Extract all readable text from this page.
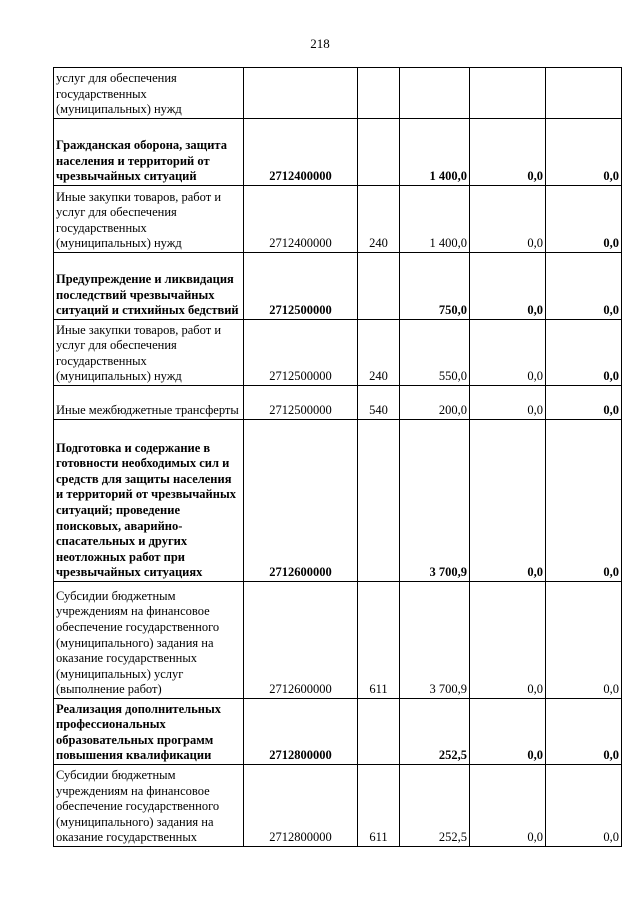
218
услуг для обеспечения государственных (муниципальных) нужд					
Гражданская оборона, защита населения и территорий от чрезвычайных ситуаций	2712400000		1 400,0	0,0	0,0
Иные закупки товаров, работ и услуг для обеспечения государственных (муниципальных) нужд	2712400000	240	1 400,0	0,0	0,0
Предупреждение и ликвидация последствий чрезвычайных ситуаций и стихийных бедствий	2712500000		750,0	0,0	0,0
Иные закупки товаров, работ и услуг для обеспечения государственных (муниципальных) нужд	2712500000	240	550,0	0,0	0,0
Иные межбюджетные трансферты	2712500000	540	200,0	0,0	0,0
Подготовка и содержание в готовности необходимых сил и средств для защиты населения и территорий от чрезвычайных ситуаций; проведение поисковых, аварийно-спасательных и других неотложных работ при чрезвычайных ситуациях	2712600000		3 700,9	0,0	0,0
Субсидии бюджетным учреждениям на финансовое обеспечение государственного (муниципального) задания на оказание государственных (муниципальных) услуг (выполнение работ)	2712600000	611	3 700,9	0,0	0,0
Реализация дополнительных профессиональных образовательных программ повышения квалификации	2712800000		252,5	0,0	0,0
Субсидии бюджетным учреждениям на финансовое обеспечение государственного (муниципального) задания на оказание государственных	2712800000	611	252,5	0,0	0,0
